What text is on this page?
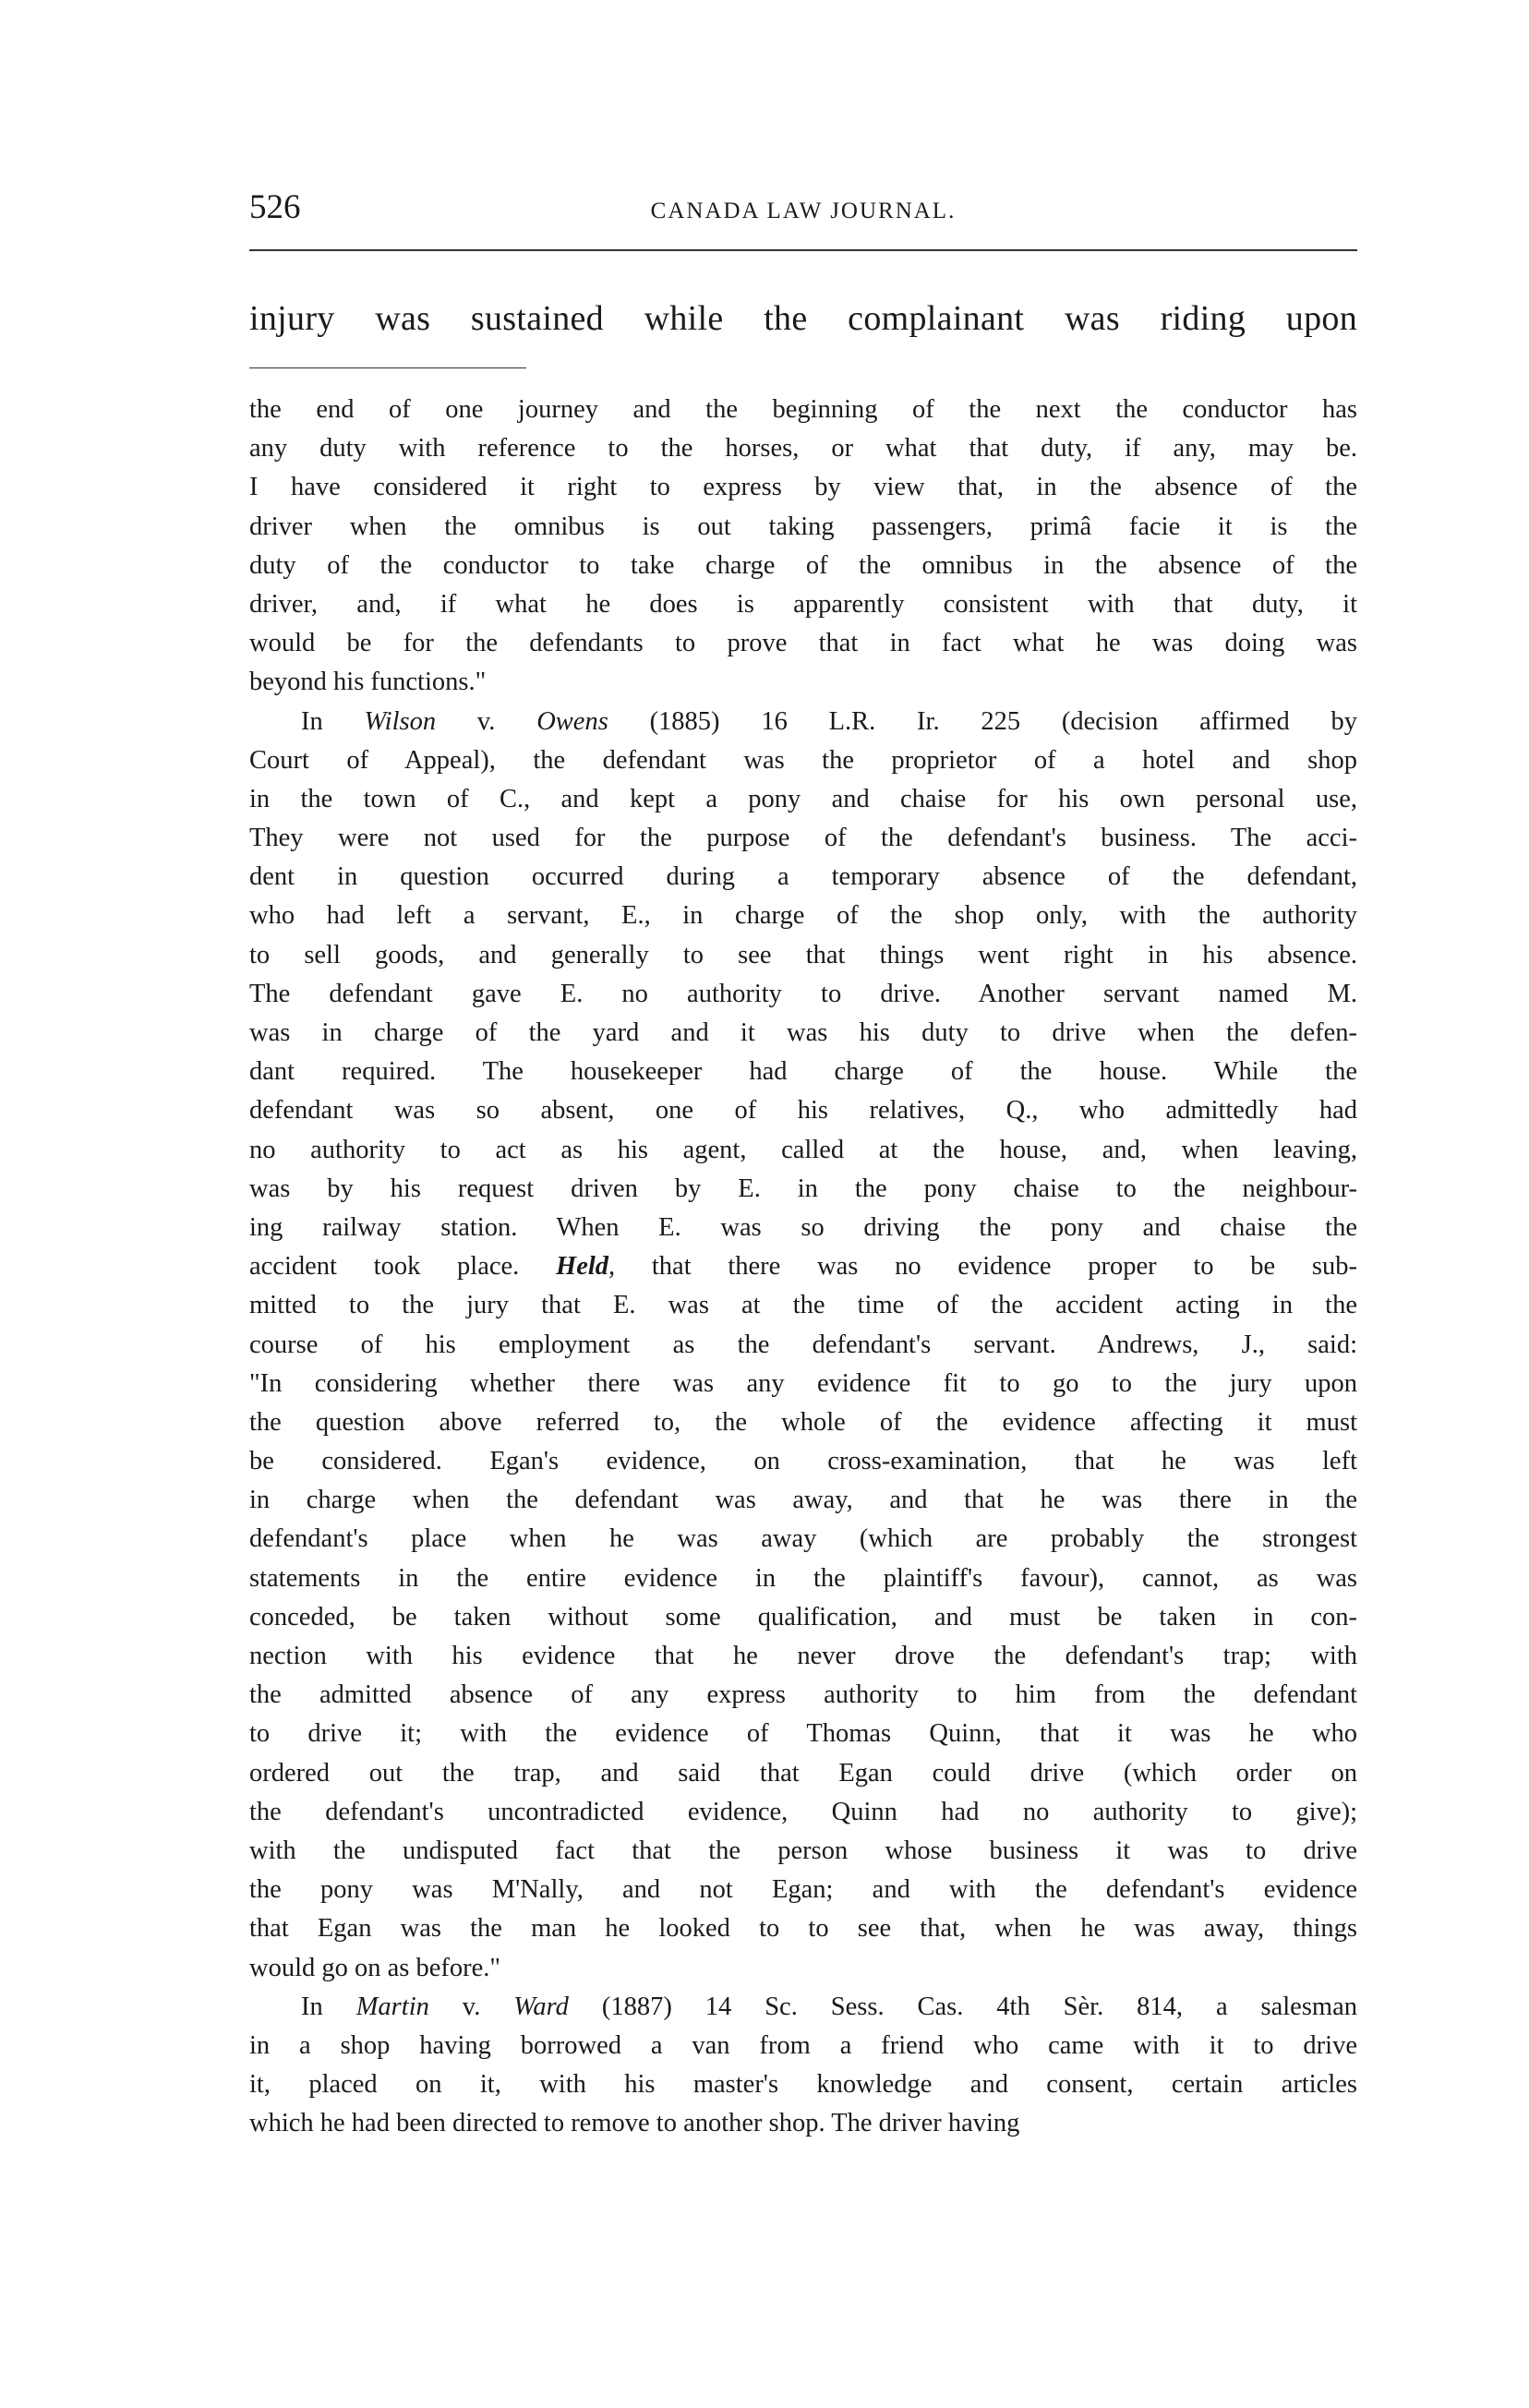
526	CANADA LAW JOURNAL.
injury was sustained while the complainant was riding upon
the end of one journey and the beginning of the next the conductor has
any duty with reference to the horses, or what that duty, if any, may be.
I have considered it right to express by view that, in the absence of the
driver when the omnibus is out taking passengers, primâ facie it is the
duty of the conductor to take charge of the omnibus in the absence of the
driver, and, if what he does is apparently consistent with that duty, it
would be for the defendants to prove that in fact what he was doing was
beyond his functions."
In Wilson v. Owens (1885) 16 L.R. Ir. 225 (decision affirmed by
Court of Appeal), the defendant was the proprietor of a hotel and shop
in the town of C., and kept a pony and chaise for his own personal use,
They were not used for the purpose of the defendant's business. The acci-
dent in question occurred during a temporary absence of the defendant,
who had left a servant, E., in charge of the shop only, with the authority
to sell goods, and generally to see that things went right in his absence.
The defendant gave E. no authority to drive. Another servant named M.
was in charge of the yard and it was his duty to drive when the defen-
dant required. The housekeeper had charge of the house. While the
defendant was so absent, one of his relatives, Q., who admittedly had
no authority to act as his agent, called at the house, and, when leaving,
was by his request driven by E. in the pony chaise to the neighbour-
ing railway station. When E. was so driving the pony and chaise the
accident took place. Held, that there was no evidence proper to be sub-
mitted to the jury that E. was at the time of the accident acting in the
course of his employment as the defendant's servant. Andrews, J., said:
"In considering whether there was any evidence fit to go to the jury upon
the question above referred to, the whole of the evidence affecting it must
be considered. Egan's evidence, on cross-examination, that he was left
in charge when the defendant was away, and that he was there in the
defendant's place when he was away (which are probably the strongest
statements in the entire evidence in the plaintiff's favour), cannot, as was
conceded, be taken without some qualification, and must be taken in con-
nection with his evidence that he never drove the defendant's trap; with
the admitted absence of any express authority to him from the defendant
to drive it; with the evidence of Thomas Quinn, that it was he who
ordered out the trap, and said that Egan could drive (which order on
the defendant's uncontradicted evidence, Quinn had no authority to give);
with the undisputed fact that the person whose business it was to drive
the pony was M'Nally, and not Egan; and with the defendant's evidence
that Egan was the man he looked to to see that, when he was away, things
would go on as before."
In Martin v. Ward (1887) 14 Sc. Sess. Cas. 4th Sèr. 814, a salesman
in a shop having borrowed a van from a friend who came with it to drive
it, placed on it, with his master's knowledge and consent, certain articles
which he had been directed to remove to another shop. The driver having
